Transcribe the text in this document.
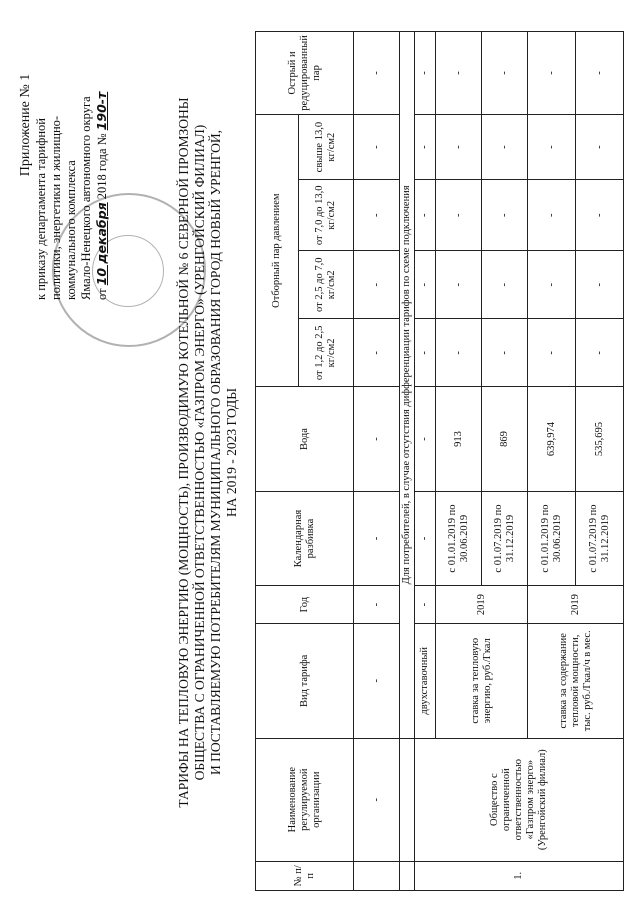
Приложение № 1 к приказу департамента тарифной политики, энергетики и жилищно- коммунального комплекса Ямало-Ненецкого автономного округа от 10 декабря 2018 года № 190-т	ТАРИФЫ НА ТЕПЛОВУЮ ЭНЕРГИЮ (МОЩНОСТЬ), ПРОИЗВОДИМУЮ КОТЕЛЬНОЙ № 6 СЕВЕРНОЙ ПРОМЗОНЫ ОБЩЕСТВА С ОГРАНИЧЕННОЙ ОТВЕТСТВЕННОСТЬЮ «ГАЗПРОМ ЭНЕРГО» (УРЕНГОЙСКИЙ ФИЛИАЛ) И ПОСТАВЛЯЕМУЮ ПОТРЕБИТЕЛЯМ МУНИЦИПАЛЬНОГО ОБРАЗОВАНИЯ ГОРОД НОВЫЙ УРЕНГОЙ, НА 2019 - 2023 ГОДЫ
№ п/п	Наименование регулируемой организации	Вид тарифа	Год	Календарная разбивка	Вода	Отборный пар давлением				Острый и редуцированный пар
						от 1,2 до 2,5 кг/см2	от 2,5 до 7,0 кг/см2	от 7,0 до 13,0 кг/см2	свыше 13,0 кг/см2	
	-	-	-	-	-	-	-	-	-	-
		Для потребителей, в случае отсутствия дифференциации тарифов по схеме подключения								
1.	Общество с ограниченной ответственностью «Газпром энерго» (Уренгойский филиал)	двухставочный	-	-	-	-	-	-	-	-
		ставка за тепловую энергию, руб./Гкал	2019	с 01.01.2019 по 30.06.2019	913	-	-	-	-	-
				с 01.07.2019 по 31.12.2019	869	-	-	-	-	-
		ставка за содержание тепловой мощности, тыс. руб./Гкал/ч в мес.	2019	с 01.01.2019 по 30.06.2019	639,974	-	-	-	-	-
				с 01.07.2019 по 31.12.2019	535,695	-	-	-	-	-
